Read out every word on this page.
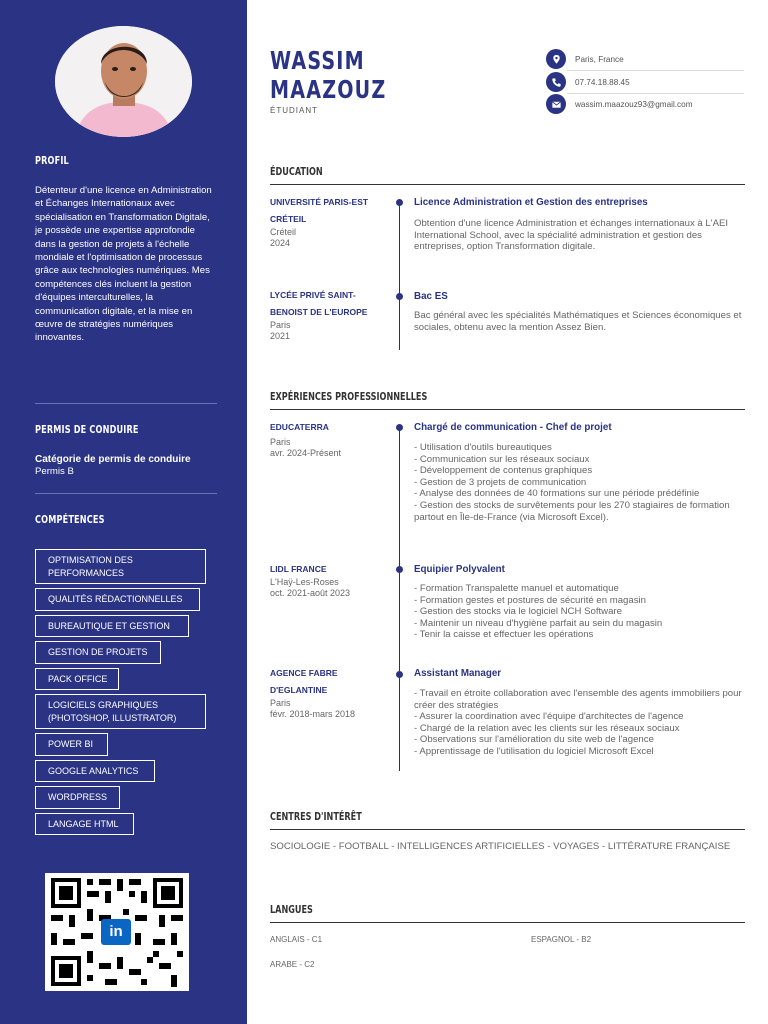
PROFIL
Détenteur d'une licence en Administration et Échanges Internationaux avec spécialisation en Transformation Digitale, je possède une expertise approfondie dans la gestion de projets à l'échelle mondiale et l'optimisation de processus grâce aux technologies numériques. Mes compétences clés incluent la gestion d'équipes interculturelles, la communication digitale, et la mise en œuvre de stratégies numériques innovantes.
PERMIS DE CONDUIRE
Catégorie de permis de conduire
Permis B
COMPÉTENCES
OPTIMISATION DES PERFORMANCES
QUALITÉS RÉDACTIONNELLES
BUREAUTIQUE ET GESTION
GESTION DE PROJETS
PACK OFFICE
LOGICIELS GRAPHIQUES (PHOTOSHOP, ILLUSTRATOR)
POWER BI
GOOGLE ANALYTICS
WORDPRESS
LANGAGE HTML
in
WASSIM MAAZOUZ
ÉTUDIANT
Paris, France
07.74.18.88.45
wassim.maazouz93@gmail.com
ÉDUCATION
UNIVERSITÉ PARIS-EST CRÉTEIL
Créteil
2024
Licence Administration et Gestion des entreprises
Obtention d'une licence Administration et échanges internationaux à L'AEI International School, avec la spécialité administration et gestion des entreprises, option Transformation digitale.
LYCÉE PRIVÉ SAINT-BENOIST DE L'EUROPE
Paris
2021
Bac ES
Bac général avec les spécialités Mathématiques et Sciences économiques et sociales, obtenu avec la mention Assez Bien.
EXPÉRIENCES PROFESSIONNELLES
EDUCATERRA
Paris
avr. 2024-Présent
Chargé de communication - Chef de projet
- Utilisation d'outils bureautiques
- Communication sur les réseaux sociaux
- Développement de contenus graphiques
- Gestion de 3 projets de communication
- Analyse des données de 40 formations sur une période prédéfinie
- Gestion des stocks de survêtements pour les 270 stagiaires de formation partout en Île-de-France (via Microsoft Excel).
LIDL FRANCE
L'Haÿ-Les-Roses
oct. 2021-août 2023
Equipier Polyvalent
- Formation Transpalette manuel et automatique
- Formation gestes et postures de sécurité en magasin
- Gestion des stocks via le logiciel NCH Software
- Maintenir un niveau d'hygiène parfait au sein du magasin
- Tenir la caisse et effectuer les opérations
AGENCE FABRE D'EGLANTINE
Paris
févr. 2018-mars 2018
Assistant Manager
- Travail en étroite collaboration avec l'ensemble des agents immobiliers pour créer des stratégies
- Assurer la coordination avec l'équipe d'architectes de l'agence
- Chargé de la relation avec les clients sur les réseaux sociaux
- Observations sur l'amélioration du site web de l'agence
- Apprentissage de l'utilisation du logiciel Microsoft Excel
CENTRES D'INTÉRÊT
SOCIOLOGIE - FOOTBALL - INTELLIGENCES ARTIFICIELLES - VOYAGES - LITTÉRATURE FRANÇAISE
LANGUES
ANGLAIS - C1	ESPAGNOL - B2
ARABE - C2
